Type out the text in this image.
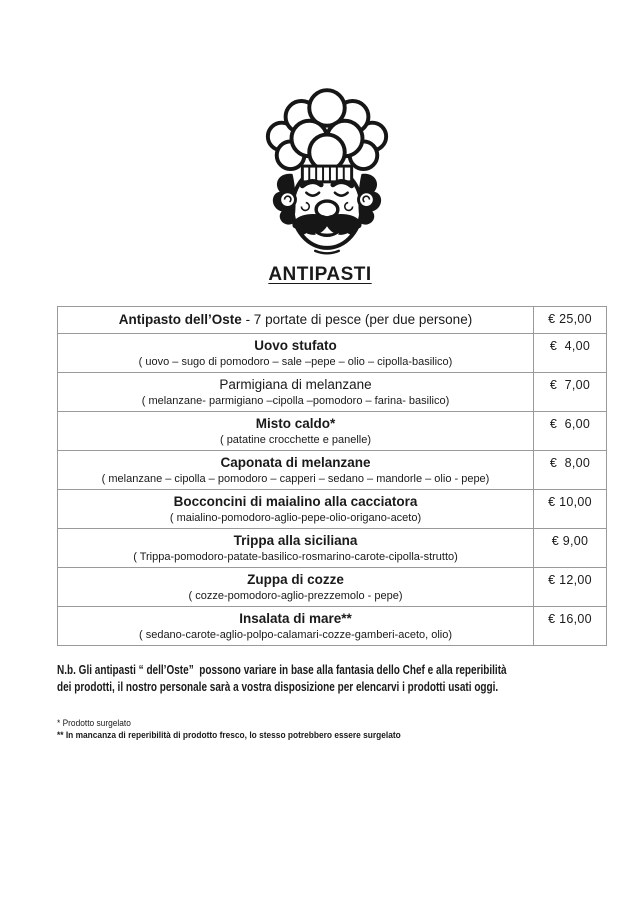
ANTIPASTI
Antipasto dell’Oste - 7 portate di pesce (per due persone)	€ 25,00

Uovo stufato
( uovo – sugo di pomodoro – sale –pepe – olio – cipolla-basilico)	€  4,00

Parmigiana di melanzane
( melanzane- parmigiano –cipolla –pomodoro – farina- basilico)	€  7,00

Misto caldo*
( patatine crocchette e panelle)	€  6,00

Caponata di melanzane
( melanzane – cipolla – pomodoro – capperi – sedano – mandorle – olio - pepe)	€  8,00

Bocconcini di maialino alla cacciatora
( maialino-pomodoro-aglio-pepe-olio-origano-aceto)	€ 10,00

Trippa alla siciliana
( Trippa-pomodoro-patate-basilico-rosmarino-carote-cipolla-strutto)	€ 9,00

Zuppa di cozze
( cozze-pomodoro-aglio-prezzemolo - pepe)	€ 12,00

Insalata di mare**
( sedano-carote-aglio-polpo-calamari-cozze-gamberi-aceto, olio)	€ 16,00
N.b. Gli antipasti “ dell’Oste”  possono variare in base alla fantasia dello Chef e alla reperibilità
dei prodotti, il nostro personale sarà a vostra disposizione per elencarvi i prodotti usati oggi.
* Prodotto surgelato
** In mancanza di reperibilità di prodotto fresco, lo stesso potrebbero essere surgelato
